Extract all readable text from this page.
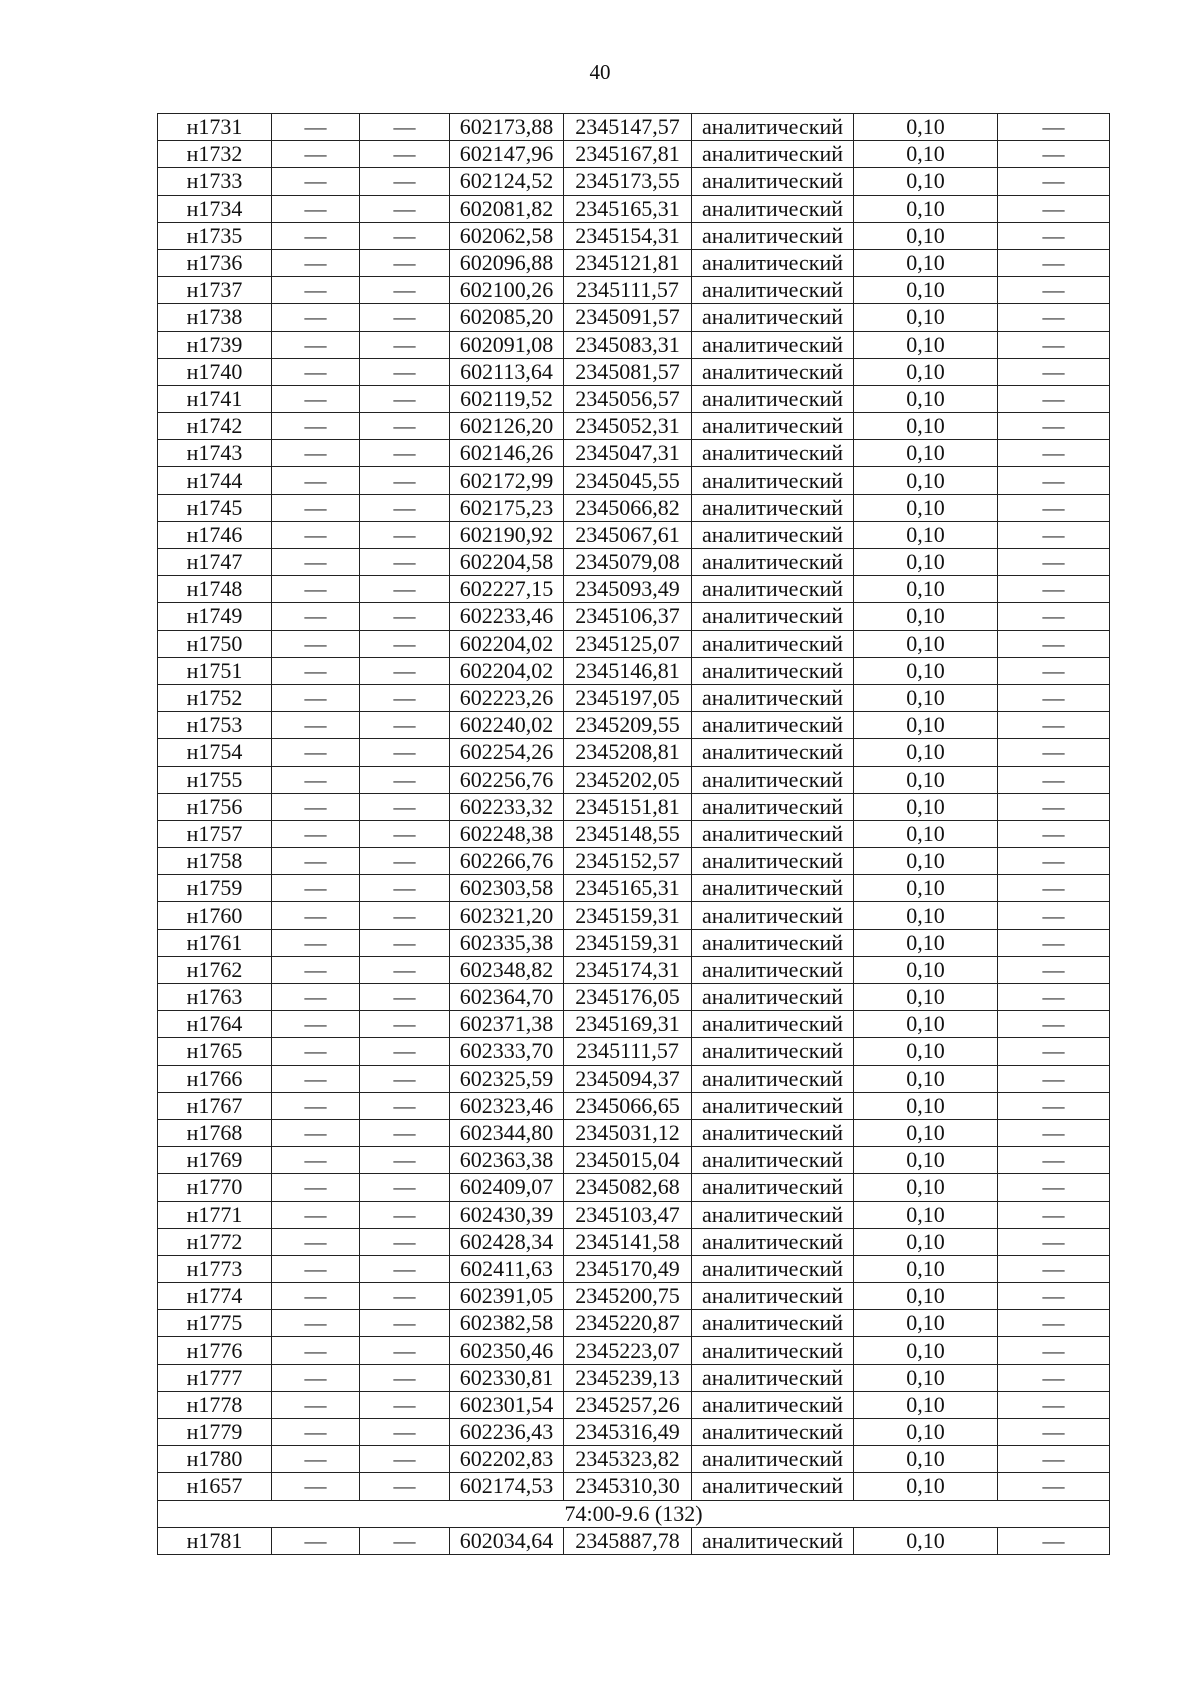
40
н1731	—	—	602173,88	2345147,57	аналитический	0,10	—
н1732	—	—	602147,96	2345167,81	аналитический	0,10	—
н1733	—	—	602124,52	2345173,55	аналитический	0,10	—
н1734	—	—	602081,82	2345165,31	аналитический	0,10	—
н1735	—	—	602062,58	2345154,31	аналитический	0,10	—
н1736	—	—	602096,88	2345121,81	аналитический	0,10	—
н1737	—	—	602100,26	2345111,57	аналитический	0,10	—
н1738	—	—	602085,20	2345091,57	аналитический	0,10	—
н1739	—	—	602091,08	2345083,31	аналитический	0,10	—
н1740	—	—	602113,64	2345081,57	аналитический	0,10	—
н1741	—	—	602119,52	2345056,57	аналитический	0,10	—
н1742	—	—	602126,20	2345052,31	аналитический	0,10	—
н1743	—	—	602146,26	2345047,31	аналитический	0,10	—
н1744	—	—	602172,99	2345045,55	аналитический	0,10	—
н1745	—	—	602175,23	2345066,82	аналитический	0,10	—
н1746	—	—	602190,92	2345067,61	аналитический	0,10	—
н1747	—	—	602204,58	2345079,08	аналитический	0,10	—
н1748	—	—	602227,15	2345093,49	аналитический	0,10	—
н1749	—	—	602233,46	2345106,37	аналитический	0,10	—
н1750	—	—	602204,02	2345125,07	аналитический	0,10	—
н1751	—	—	602204,02	2345146,81	аналитический	0,10	—
н1752	—	—	602223,26	2345197,05	аналитический	0,10	—
н1753	—	—	602240,02	2345209,55	аналитический	0,10	—
н1754	—	—	602254,26	2345208,81	аналитический	0,10	—
н1755	—	—	602256,76	2345202,05	аналитический	0,10	—
н1756	—	—	602233,32	2345151,81	аналитический	0,10	—
н1757	—	—	602248,38	2345148,55	аналитический	0,10	—
н1758	—	—	602266,76	2345152,57	аналитический	0,10	—
н1759	—	—	602303,58	2345165,31	аналитический	0,10	—
н1760	—	—	602321,20	2345159,31	аналитический	0,10	—
н1761	—	—	602335,38	2345159,31	аналитический	0,10	—
н1762	—	—	602348,82	2345174,31	аналитический	0,10	—
н1763	—	—	602364,70	2345176,05	аналитический	0,10	—
н1764	—	—	602371,38	2345169,31	аналитический	0,10	—
н1765	—	—	602333,70	2345111,57	аналитический	0,10	—
н1766	—	—	602325,59	2345094,37	аналитический	0,10	—
н1767	—	—	602323,46	2345066,65	аналитический	0,10	—
н1768	—	—	602344,80	2345031,12	аналитический	0,10	—
н1769	—	—	602363,38	2345015,04	аналитический	0,10	—
н1770	—	—	602409,07	2345082,68	аналитический	0,10	—
н1771	—	—	602430,39	2345103,47	аналитический	0,10	—
н1772	—	—	602428,34	2345141,58	аналитический	0,10	—
н1773	—	—	602411,63	2345170,49	аналитический	0,10	—
н1774	—	—	602391,05	2345200,75	аналитический	0,10	—
н1775	—	—	602382,58	2345220,87	аналитический	0,10	—
н1776	—	—	602350,46	2345223,07	аналитический	0,10	—
н1777	—	—	602330,81	2345239,13	аналитический	0,10	—
н1778	—	—	602301,54	2345257,26	аналитический	0,10	—
н1779	—	—	602236,43	2345316,49	аналитический	0,10	—
н1780	—	—	602202,83	2345323,82	аналитический	0,10	—
н1657	—	—	602174,53	2345310,30	аналитический	0,10	—
74:00-9.6 (132)							
н1781	—	—	602034,64	2345887,78	аналитический	0,10	—
